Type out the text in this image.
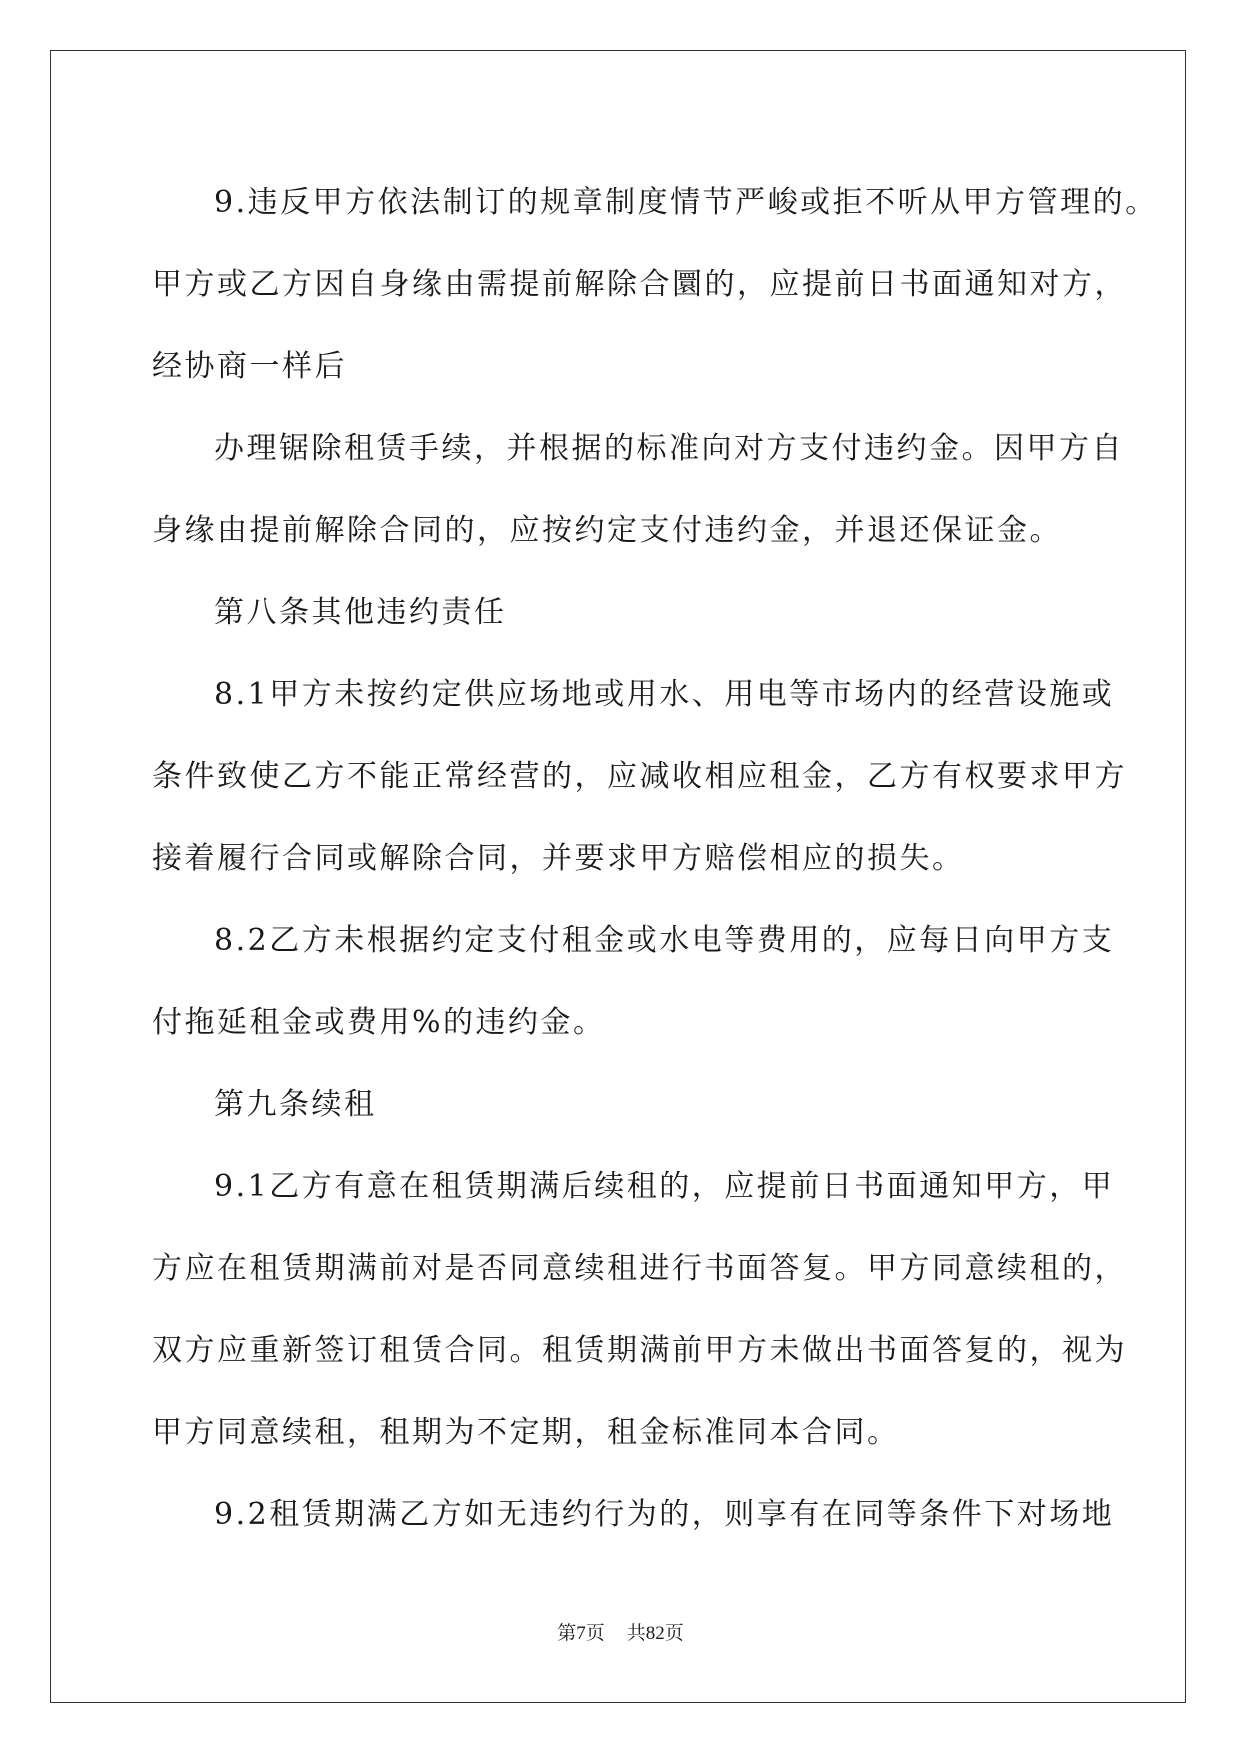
9.违反甲方依法制订的规章制度情节严峻或拒不听从甲方管理的。
甲方或乙方因自身缘由需提前解除合圜的，应提前日书面通知对方，
经协商一样后
办理锯除租赁手续，并根据的标准向对方支付违约金。因甲方自
身缘由提前解除合同的，应按约定支付违约金，并退还保证金。
第八条其他违约责任
8.1甲方未按约定供应场地或用水、用电等市场内的经营设施或
条件致使乙方不能正常经营的，应减收相应租金，乙方有权要求甲方
接着履行合同或解除合同，并要求甲方赔偿相应的损失。
8.2乙方未根据约定支付租金或水电等费用的，应每日向甲方支
付拖延租金或费用%的违约金。
第九条续租
9.1乙方有意在租赁期满后续租的，应提前日书面通知甲方，甲
方应在租赁期满前对是否同意续租进行书面答复。甲方同意续租的，
双方应重新签订租赁合同。租赁期满前甲方未做出书面答复的，视为
甲方同意续租，租期为不定期，租金标准同本合同。
9.2租赁期满乙方如无违约行为的，则享有在同等条件下对场地
第7页 共82页
